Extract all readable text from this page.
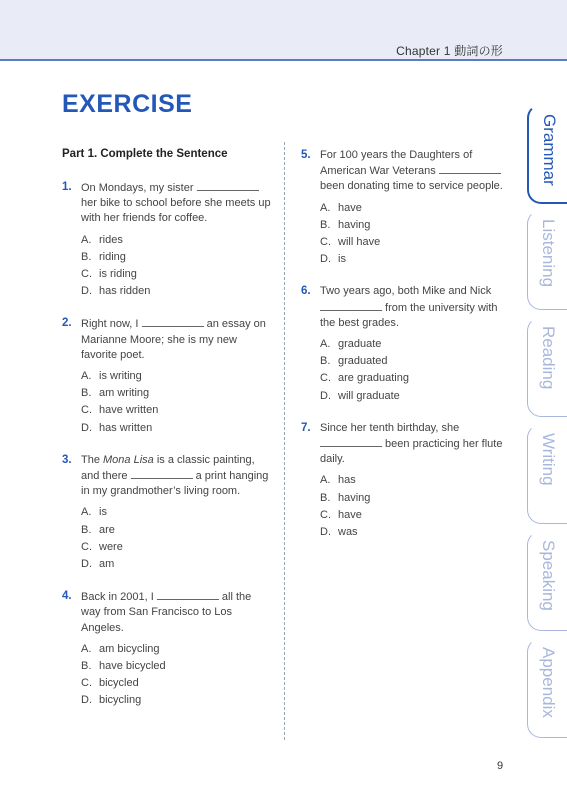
Chapter 1 動詞の形
EXERCISE
Part 1. Complete the Sentence
1. On Mondays, my sister  her bike to school before she meets up with her friends for coffee.
A. rides
B. riding
C. is riding
D. has ridden
2. Right now, I	an essay on Marianne Moore; she is my new favorite poet.
A. is writing
B. am writing
C. have written
D. has written
3. The Mona Lisa is a classic painting, and there	a print hanging in my grandmother’s living room.
A. is
B. are
C. were
D. am
4. Back in 2001, I	all the way from San Francisco to Los Angeles.
A. am bicycling
B. have bicycled
C. bicycled
D. bicycling
5. For 100 years the Daughters of American War Veterans  been donating time to service people.
A. have
B. having
C. will have
D. is
6. Two years ago, both Mike and Nick  from the university with the best grades.
A. graduate
B. graduated
C. are graduating
D. will graduate
7. Since her tenth birthday, she  been practicing her flute daily.
A. has
B. having
C. have
D. was
Grammar
Listening
Reading
Writing
Speaking
Appendix
9
